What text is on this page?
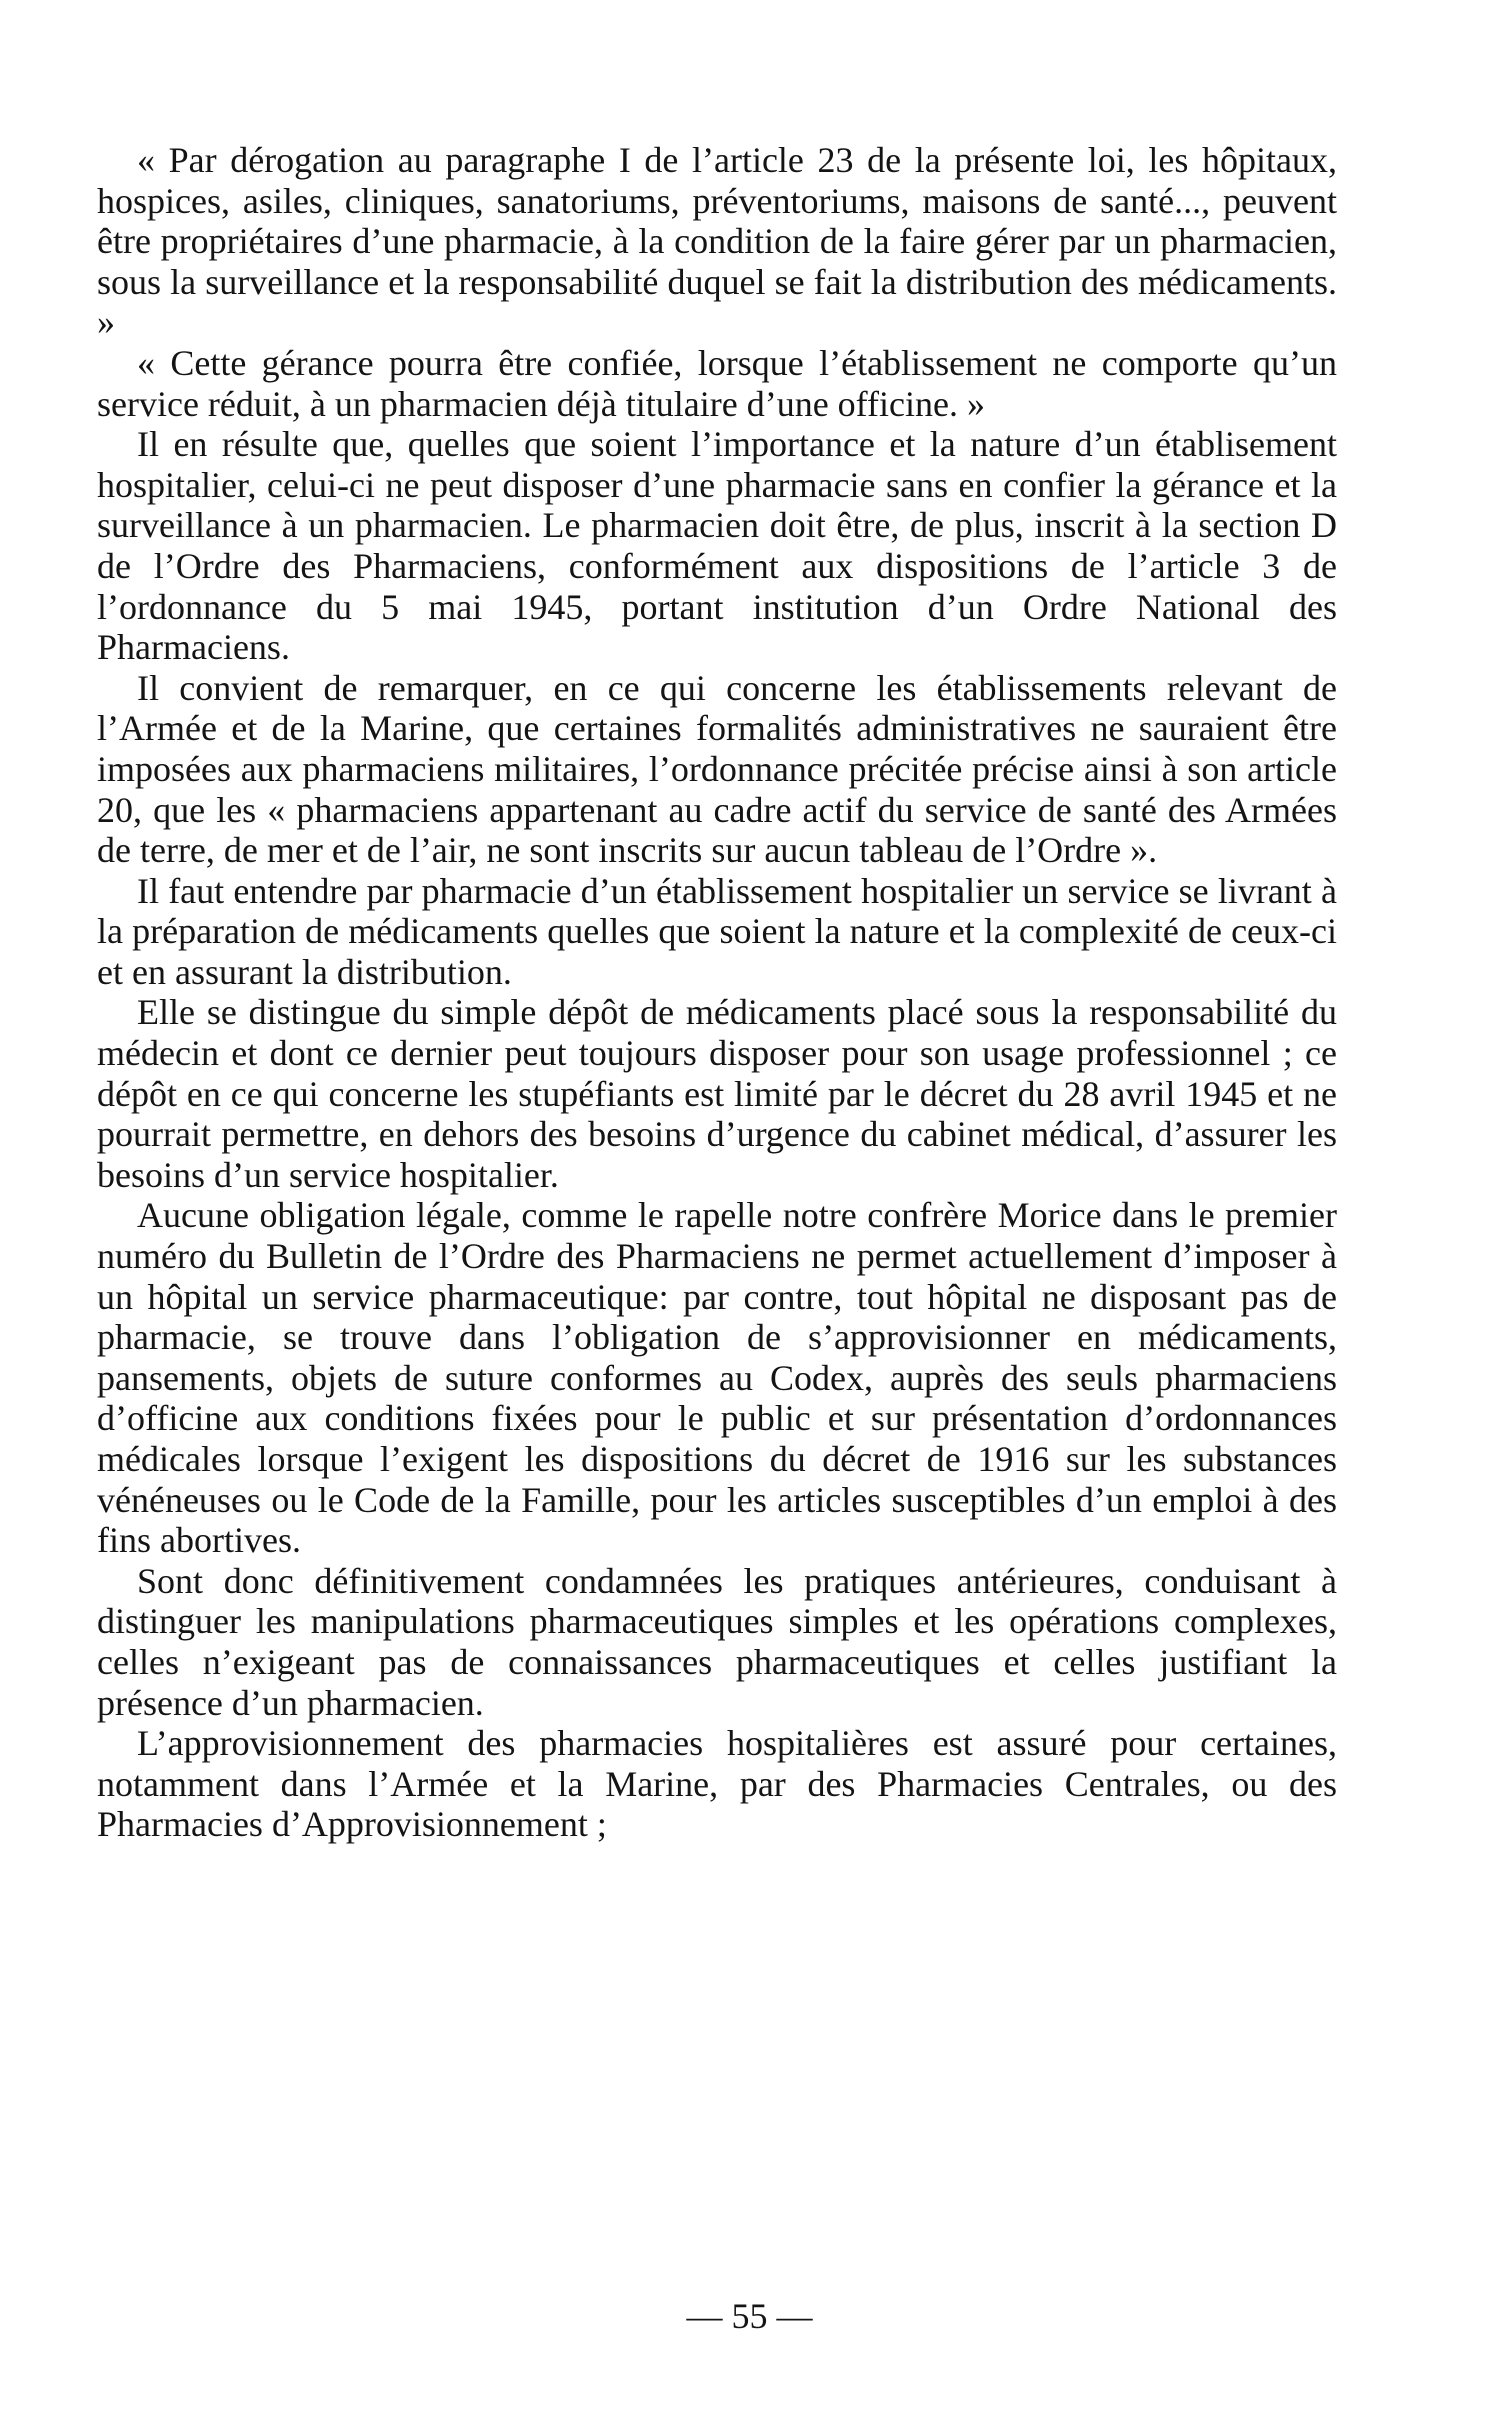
« Par dérogation au paragraphe I de l’article 23 de la présente loi, les hôpitaux, hospices, asiles, cliniques, sanatoriums, préventoriums, maisons de santé..., peuvent être propriétaires d’une pharmacie, à la condition de la faire gérer par un pharmacien, sous la surveillance et la responsabilité duquel se fait la distribution des médicaments. »

« Cette gérance pourra être confiée, lorsque l’établissement ne comporte qu’un service réduit, à un pharmacien déjà titulaire d’une officine. »

Il en résulte que, quelles que soient l’importance et la nature d’un établisement hospitalier, celui-ci ne peut disposer d’une pharmacie sans en confier la gérance et la surveillance à un pharmacien. Le pharmacien doit être, de plus, inscrit à la section D de l’Ordre des Pharmaciens, conformément aux dispositions de l’article 3 de l’ordonnance du 5 mai 1945, portant institution d’un Ordre National des Pharmaciens.

Il convient de remarquer, en ce qui concerne les établissements relevant de l’Armée et de la Marine, que certaines formalités administratives ne sauraient être imposées aux pharmaciens militaires, l’ordonnance précitée précise ainsi à son article 20, que les « pharmaciens appartenant au cadre actif du service de santé des Armées de terre, de mer et de l’air, ne sont inscrits sur aucun tableau de l’Ordre ».

Il faut entendre par pharmacie d’un établissement hospitalier un service se livrant à la préparation de médicaments quelles que soient la nature et la complexité de ceux-ci et en assurant la distribution.

Elle se distingue du simple dépôt de médicaments placé sous la responsabilité du médecin et dont ce dernier peut toujours disposer pour son usage professionnel ; ce dépôt en ce qui concerne les stupéfiants est limité par le décret du 28 avril 1945 et ne pourrait permettre, en dehors des besoins d’urgence du cabinet médical, d’assurer les besoins d’un service hospitalier.

Aucune obligation légale, comme le rapelle notre confrère Morice dans le premier numéro du Bulletin de l’Ordre des Pharmaciens ne permet actuellement d’imposer à un hôpital un service pharmaceutique: par contre, tout hôpital ne disposant pas de pharmacie, se trouve dans l’obligation de s’approvisionner en médicaments, pansements, objets de suture conformes au Codex, auprès des seuls pharmaciens d’officine aux conditions fixées pour le public et sur présentation d’ordonnances médicales lorsque l’exigent les dispositions du décret de 1916 sur les substances vénéneuses ou le Code de la Famille, pour les articles susceptibles d’un emploi à des fins abortives.

Sont donc définitivement condamnées les pratiques antérieures, conduisant à distinguer les manipulations pharmaceutiques simples et les opérations complexes, celles n’exigeant pas de connaissances pharmaceutiques et celles justifiant la présence d’un pharmacien.

L’approvisionnement des pharmacies hospitalières est assuré pour certaines, notamment dans l’Armée et la Marine, par des Pharmacies Centrales, ou des Pharmacies d’Approvisionnement ;

— 55 —
